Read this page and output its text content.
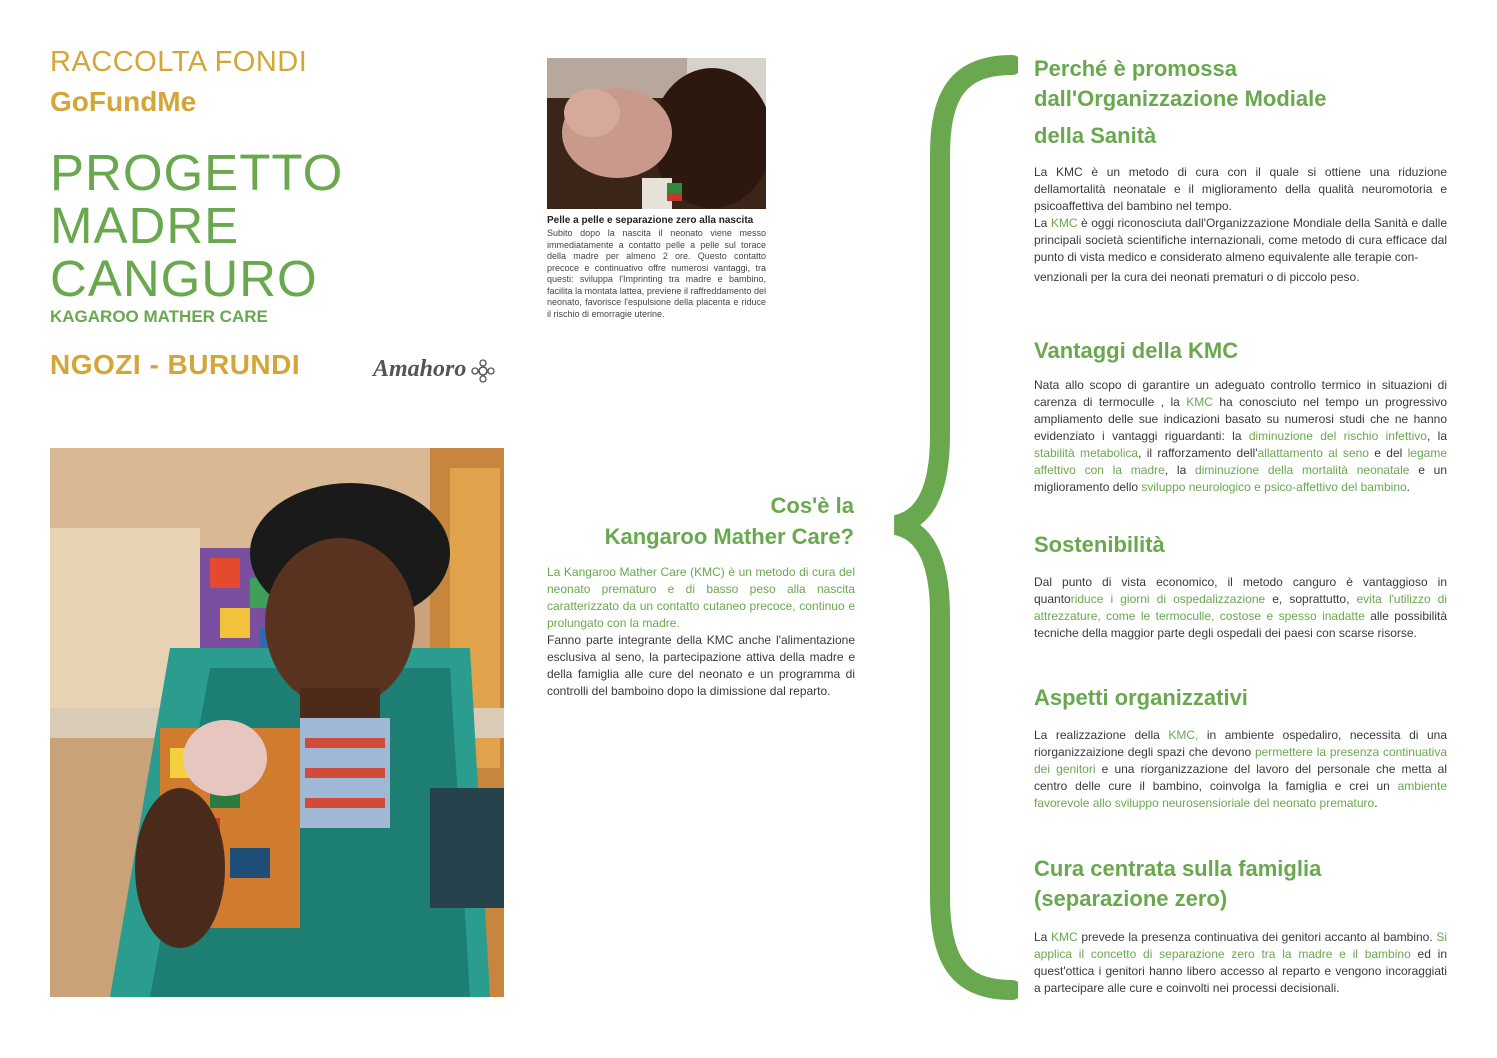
RACCOLTA FONDI
GoFundMe
PROGETTO
MADRE
CANGURO
KAGAROO MATHER CARE
NGOZI - BURUNDI	Amahoro
Pelle a pelle e separazione zero alla nascita
Subito dopo la nascita il neonato viene messo immediatamente a contatto pelle a pelle sul torace della madre per almeno 2 ore. Questo contatto precoce e continuativo offre numerosi vantaggi, tra questi: sviluppa l'Imprinting tra madre e bambino, facilita la montata lattea, previene il raffreddamento del neonato, favorisce l'espulsione della placenta e riduce il rischio di emorragie uterine.
Cos'è la
Kangaroo Mather Care?
La Kangaroo Mather Care (KMC) è un metodo di cura del neonato prematuro e di basso peso alla nascita caratterizzato da un contatto cutaneo precoce, continuo e prolungato con la madre.
Fanno parte integrante della KMC anche l'alimentazione esclusiva al seno, la partecipazione attiva della madre e della famiglia alle cure del neonato e un programma di controlli del bamboino dopo la dimissione dal reparto.
Perché è promossa
dall'Organizzazione Modiale
della Sanità
La KMC è un metodo di cura con il quale si ottiene una riduzione dellamortalità neonatale e il miglioramento della qualità neuromotoria e psicoaffettiva del bambino nel tempo.
La KMC è oggi riconosciuta dall'Organizzazione Mondiale della Sanità e dalle principali società scientifiche internazionali, come metodo di cura efficace dal punto di vista medico e considerato almeno equivalente alle terapie con-
venzionali per la cura dei neonati prematuri o di piccolo peso.
Vantaggi della KMC
Nata allo scopo di garantire un adeguato controllo termico in situazioni di carenza di termoculle , la KMC ha conosciuto nel tempo un progressivo ampliamento delle sue indicazioni basato su numerosi studi che ne hanno evidenziato i vantaggi riguardanti: la diminuzione del rischio infettivo, la stabilità metabolica, il rafforzamento dell'allattamento al seno e del legame affettivo con la madre, la diminuzione della mortalità neonatale e un miglioramento dello sviluppo neurologico e psico-affettivo del bambino.
Sostenibilità
Dal punto di vista economico, il metodo canguro è vantaggioso in quantoriduce i giorni di ospedalizzazione e, soprattutto, evita l'utilizzo di attrezzature, come le termoculle, costose e spesso inadatte alle possibilità tecniche della maggior parte degli ospedali dei paesi con scarse risorse.
Aspetti organizzativi
La realizzazione della KMC, in ambiente ospedaliro, necessita di una riorganizzaizione degli spazi che devono permettere la presenza continuativa dei genitori e una riorganizzazione del lavoro del personale che metta al centro delle cure il bambino, coinvolga la famiglia e crei un ambiente favorevole allo sviluppo neurosensioriale del neonato prematuro.
Cura centrata sulla famiglia
(separazione zero)
La KMC prevede la presenza continuativa dei genitori accanto al bambino. Si applica il concetto di separazione zero tra la madre e il bambino ed in quest'ottica i genitori hanno libero accesso al reparto e vengono incoraggiati a partecipare alle cure e coinvolti nei processi decisionali.
